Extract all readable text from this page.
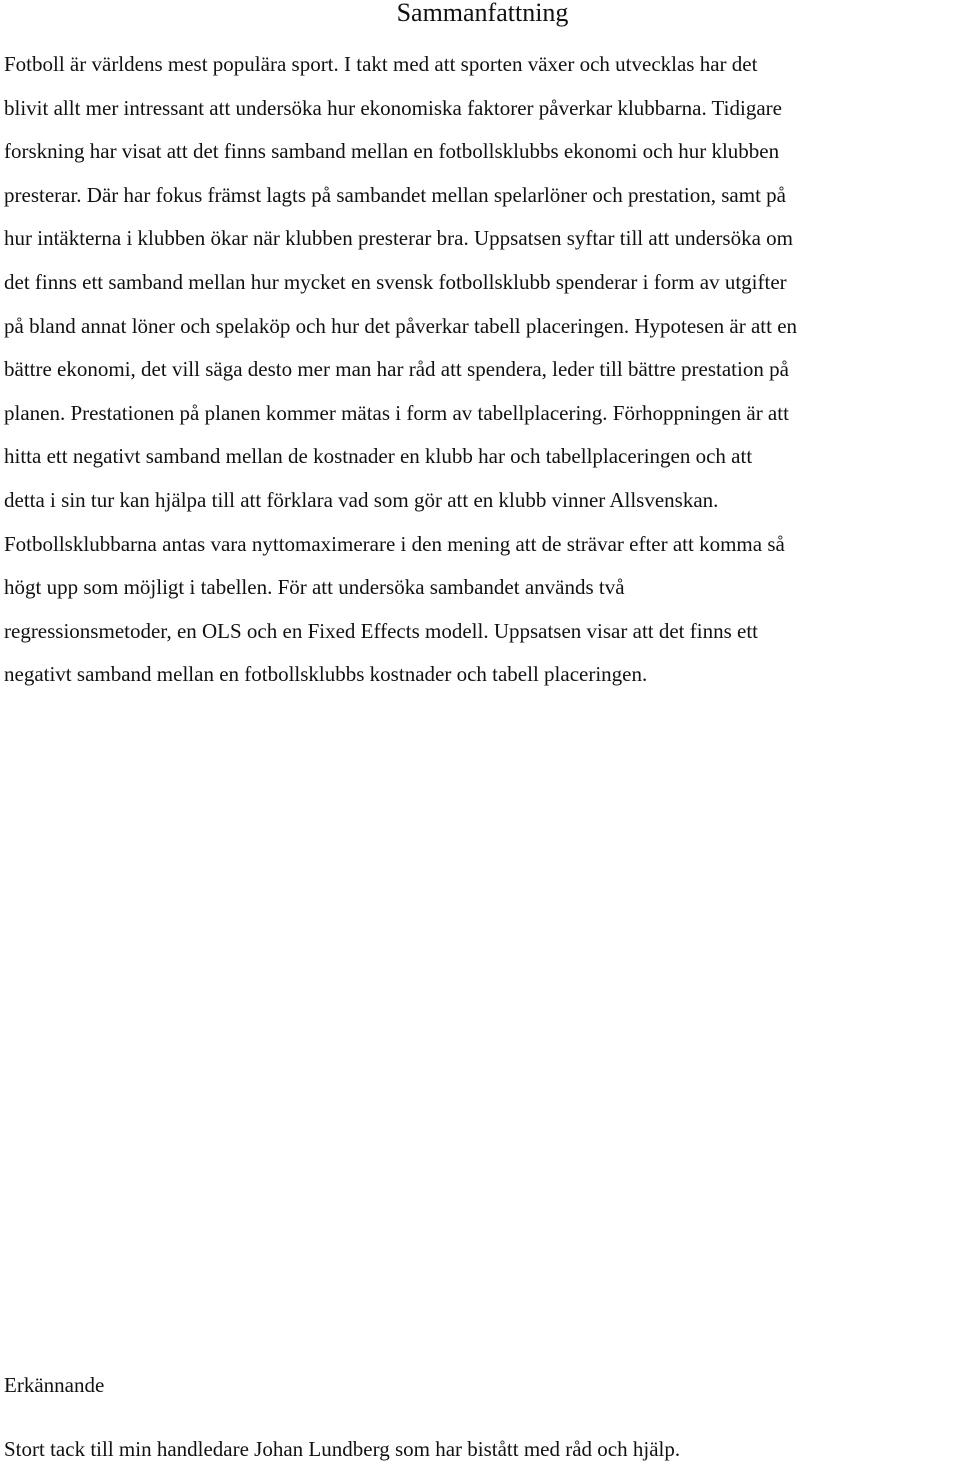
Sammanfattning

Fotboll är världens mest populära sport. I takt med att sporten växer och utvecklas har det
blivit allt mer intressant att undersöka hur ekonomiska faktorer påverkar klubbarna. Tidigare
forskning har visat att det finns samband mellan en fotbollsklubbs ekonomi och hur klubben
presterar. Där har fokus främst lagts på sambandet mellan spelarlöner och prestation, samt på
hur intäkterna i klubben ökar när klubben presterar bra. Uppsatsen syftar till att undersöka om
det finns ett samband mellan hur mycket en svensk fotbollsklubb spenderar i form av utgifter
på bland annat löner och spelaköp och hur det påverkar tabell placeringen. Hypotesen är att en
bättre ekonomi, det vill säga desto mer man har råd att spendera, leder till bättre prestation på
planen. Prestationen på planen kommer mätas i form av tabellplacering. Förhoppningen är att
hitta ett negativt samband mellan de kostnader en klubb har och tabellplaceringen och att
detta i sin tur kan hjälpa till att förklara vad som gör att en klubb vinner Allsvenskan.
Fotbollsklubbarna antas vara nyttomaximerare i den mening att de strävar efter att komma så
högt upp som möjligt i tabellen. För att undersöka sambandet används två
regressionsmetoder, en OLS och en Fixed Effects modell. Uppsatsen visar att det finns ett
negativt samband mellan en fotbollsklubbs kostnader och tabell placeringen.

Erkännande

Stort tack till min handledare Johan Lundberg som har bistått med råd och hjälp.
